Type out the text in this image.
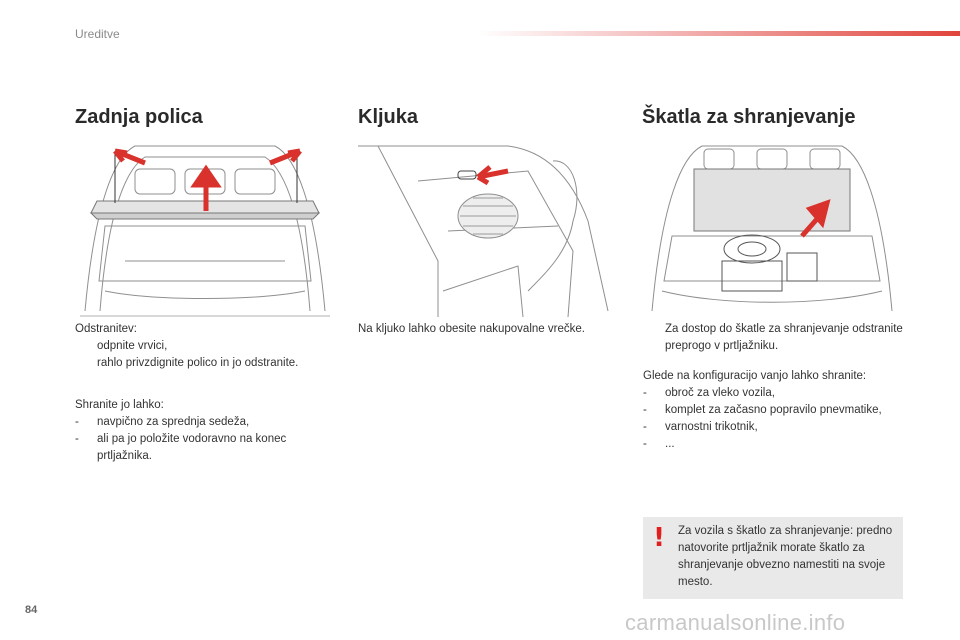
Ureditve
Zadnja polica	Kljuka	Škatla za shranjevanje
Odstranitev:
odpnite vrvici,
rahlo privzdignite polico in jo odstranite.
Shranite jo lahko:
-	navpično za sprednja sedeža,
-	ali pa jo položite vodoravno na konec prtljažnika.
Na kljuko lahko obesite nakupovalne vrečke.	Za dostop do škatle za shranjevanje odstranite preprogo v prtljažniku.
Glede na konfiguracijo vanjo lahko shranite:
-	obroč za vleko vozila,
-	komplet za začasno popravilo pnevmatike,
-	varnostni trikotnik,
-	...
! Za vozila s škatlo za shranjevanje: predno natovorite prtljažnik morate škatlo za shranjevanje obvezno namestiti na svoje mesto.
84	carmanualsonline.info
